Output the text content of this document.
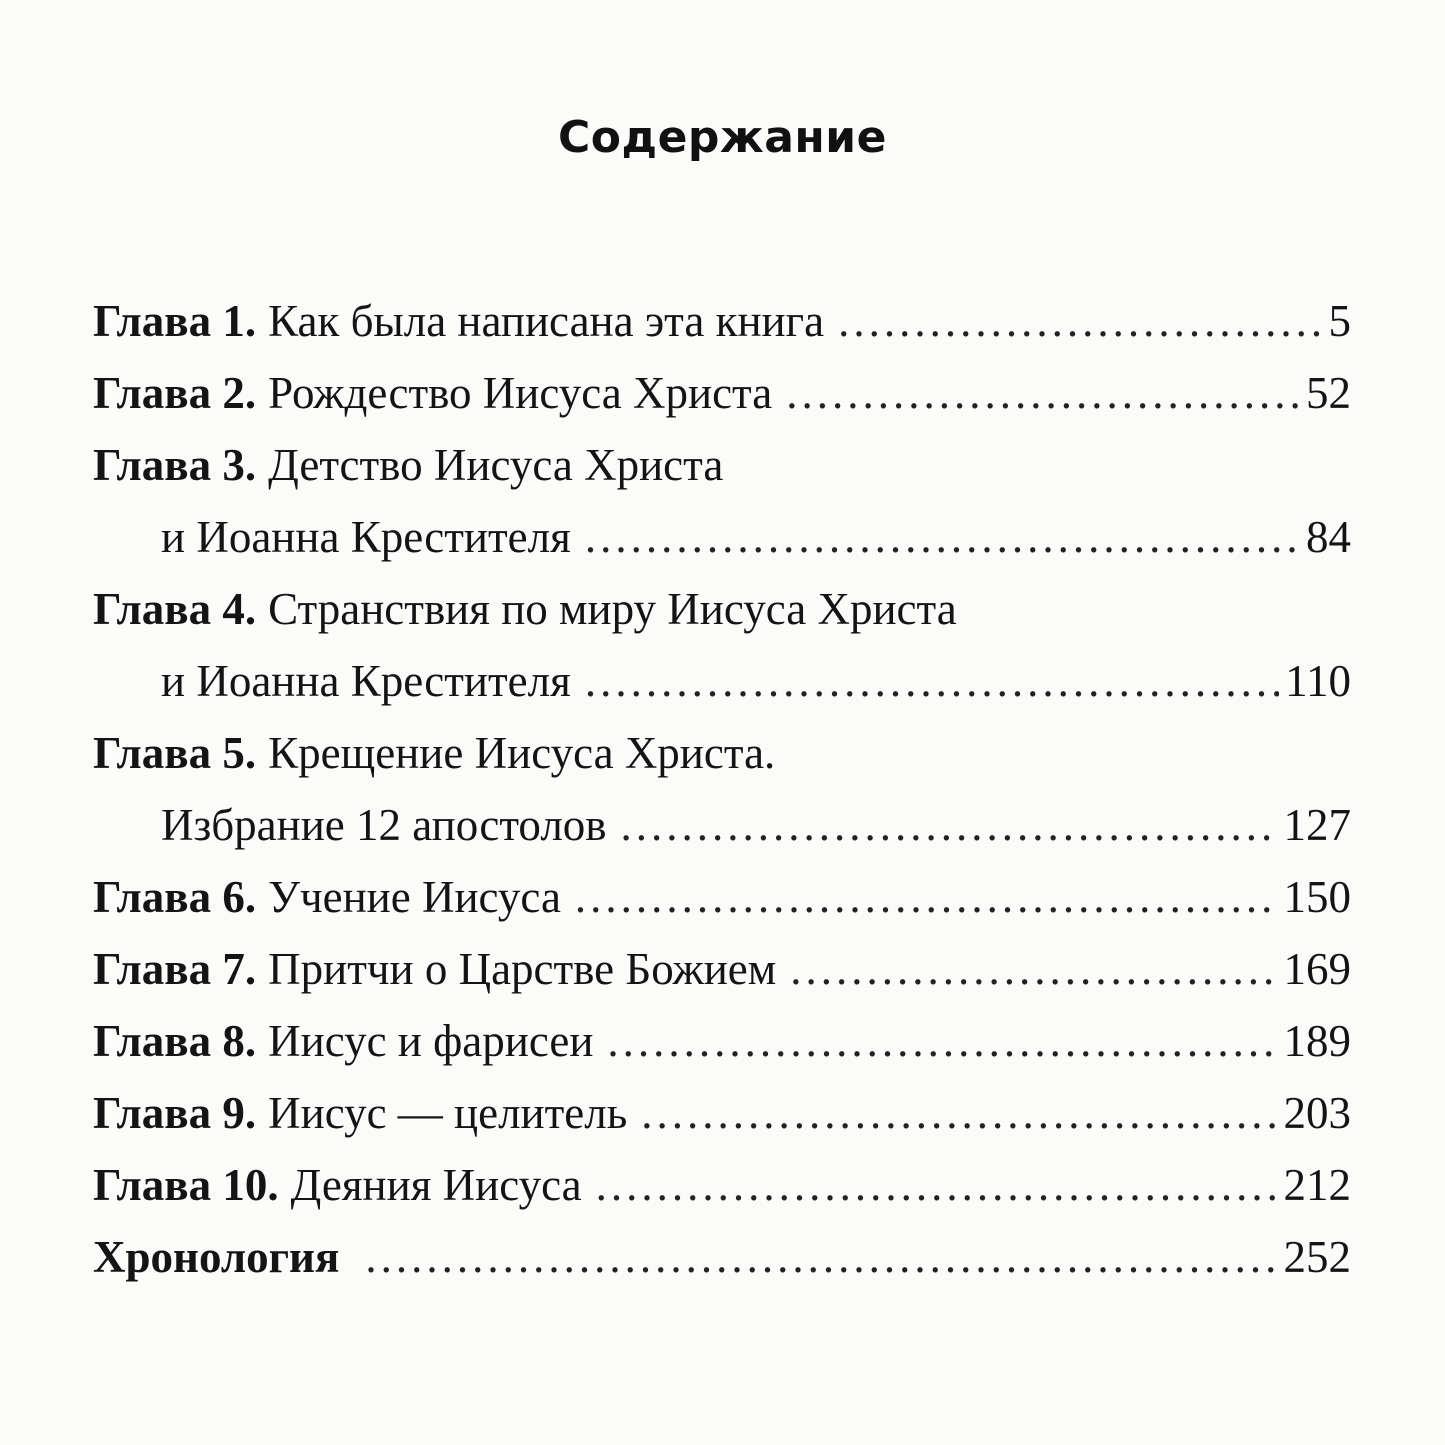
Содержание
Глава 1. Как была написана эта книга .....	5
Глава 2. Рождество Иисуса Христа .....	52
Глава 3. Детство Иисуса Христа
и Иоанна Крестителя .....	84
Глава 4. Странствия по миру Иисуса Христа
и Иоанна Крестителя .....	110
Глава 5. Крещение Иисуса Христа.
Избрание 12 апостолов .....	127
Глава 6. Учение Иисуса .....	150
Глава 7. Притчи о Царстве Божием .....	169
Глава 8. Иисус и фарисеи .....	189
Глава 9. Иисус — целитель .....	203
Глава 10. Деяния Иисуса .....	212
Хронология .....	252
